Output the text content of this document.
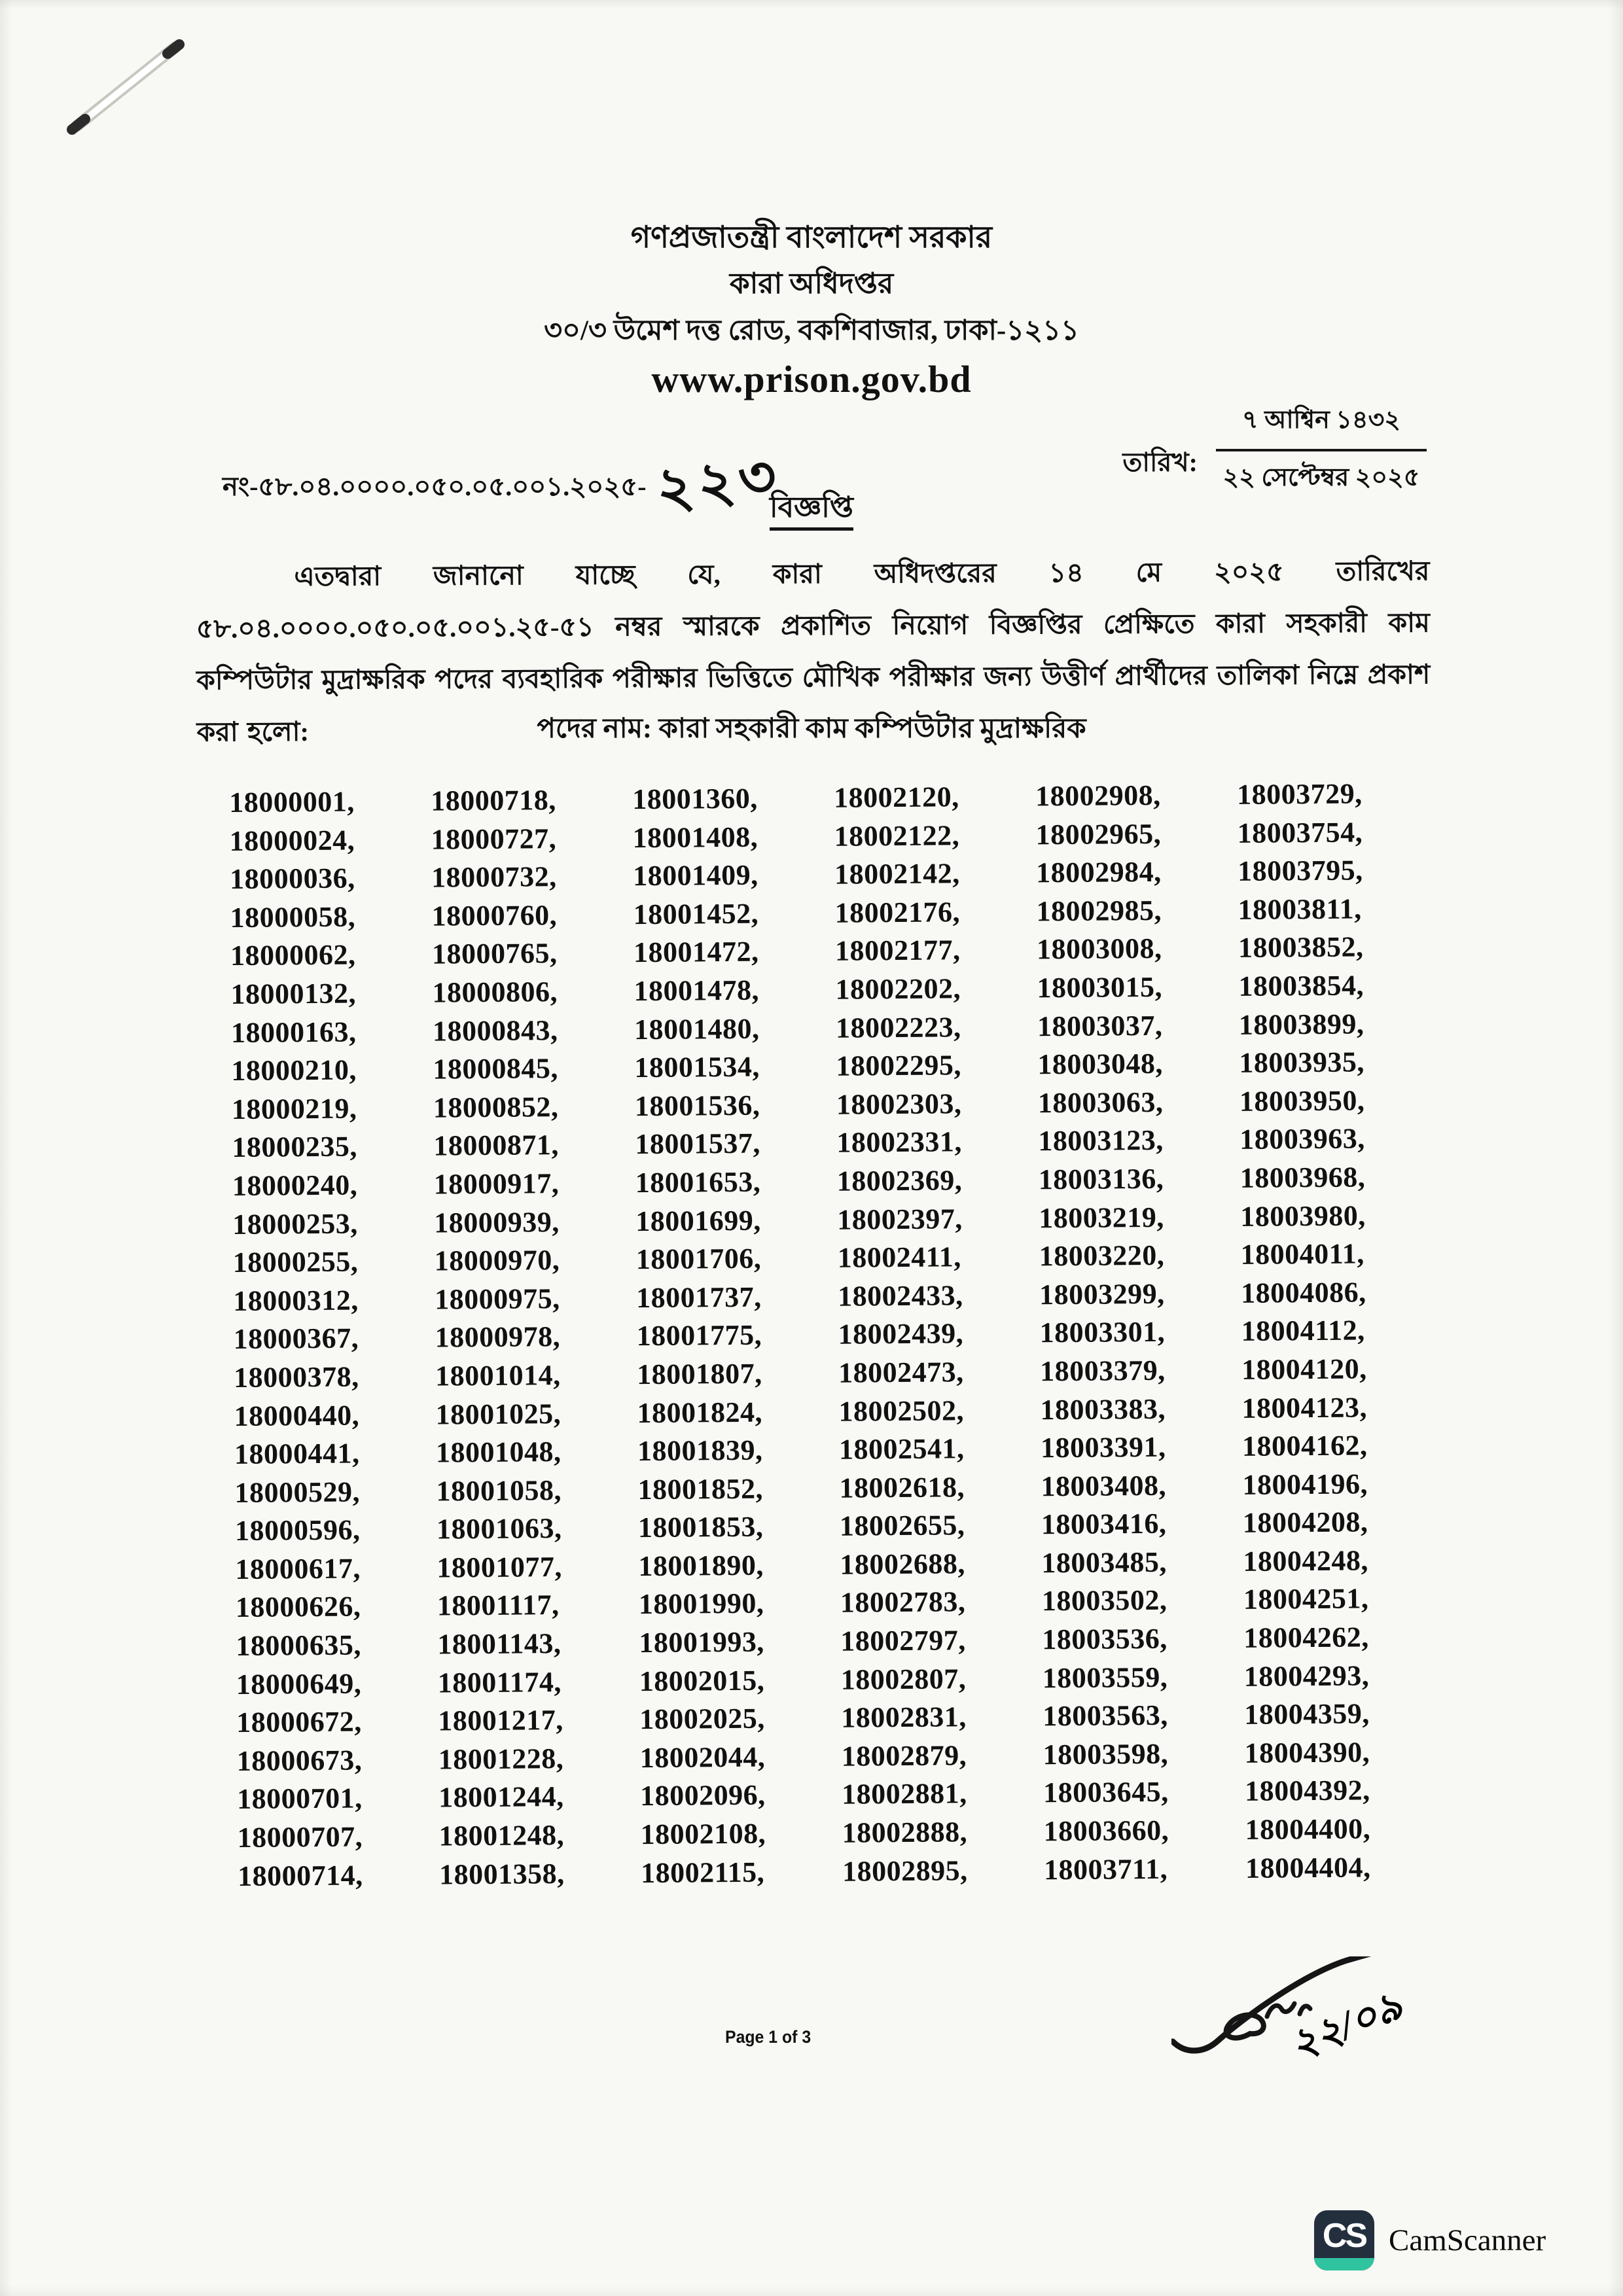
গণপ্রজাতন্ত্রী বাংলাদেশ সরকার
কারা অধিদপ্তর
৩০/৩ উমেশ দত্ত রোড, বকশিবাজার, ঢাকা-১২১১
www.prison.gov.bd
নং-৫৮.০৪.০০০০.০৫০.০৫.০০১.২০২৫- ২২৩	তারিখ: $\frac{\text{৭ আশ্বিন ১৪৩২}}{\text{২২ সেপ্টেম্বর ২০২৫}}$
বিজ্ঞপ্তি

এতদ্বারা জানানো যাচ্ছে যে, কারা অধিদপ্তরের ১৪ মে ২০২৫ তারিখের ৫৮.০৪.০০০০.০৫০.০৫.০০১.২৫-৫১ নম্বর স্মারকে প্রকাশিত নিয়োগ বিজ্ঞপ্তির প্রেক্ষিতে কারা সহকারী কাম কম্পিউটার মুদ্রাক্ষরিক পদের ব্যবহারিক পরীক্ষার ভিত্তিতে মৌখিক পরীক্ষার জন্য উত্তীর্ণ প্রার্থীদের তালিকা নিম্নে প্রকাশ করা হলো:	পদের নাম: কারা সহকারী কাম কম্পিউটার মুদ্রাক্ষরিক
18000001,
18000024,
18000036,
18000058,
18000062,
18000132,
18000163,
18000210,
18000219,
18000235,
18000240,
18000253,
18000255,
18000312,
18000367,
18000378,
18000440,
18000441,
18000529,
18000596,
18000617,
18000626,
18000635,
18000649,
18000672,
18000673,
18000701,
18000707,
18000714,
18000718,
18000727,
18000732,
18000760,
18000765,
18000806,
18000843,
18000845,
18000852,
18000871,
18000917,
18000939,
18000970,
18000975,
18000978,
18001014,
18001025,
18001048,
18001058,
18001063,
18001077,
18001117,
18001143,
18001174,
18001217,
18001228,
18001244,
18001248,
18001358,
18001360,
18001408,
18001409,
18001452,
18001472,
18001478,
18001480,
18001534,
18001536,
18001537,
18001653,
18001699,
18001706,
18001737,
18001775,
18001807,
18001824,
18001839,
18001852,
18001853,
18001890,
18001990,
18001993,
18002015,
18002025,
18002044,
18002096,
18002108,
18002115,
18002120,
18002122,
18002142,
18002176,
18002177,
18002202,
18002223,
18002295,
18002303,
18002331,
18002369,
18002397,
18002411,
18002433,
18002439,
18002473,
18002502,
18002541,
18002618,
18002655,
18002688,
18002783,
18002797,
18002807,
18002831,
18002879,
18002881,
18002888,
18002895,
18002908,
18002965,
18002984,
18002985,
18003008,
18003015,
18003037,
18003048,
18003063,
18003123,
18003136,
18003219,
18003220,
18003299,
18003301,
18003379,
18003383,
18003391,
18003408,
18003416,
18003485,
18003502,
18003536,
18003559,
18003563,
18003598,
18003645,
18003660,
18003711,
18003729,
18003754,
18003795,
18003811,
18003852,
18003854,
18003899,
18003935,
18003950,
18003963,
18003968,
18003980,
18004011,
18004086,
18004112,
18004120,
18004123,
18004162,
18004196,
18004208,
18004248,
18004251,
18004262,
18004293,
18004359,
18004390,
18004392,
18004400,
18004404,
২২/০৯
Page 1 of 3
CS CamScanner
